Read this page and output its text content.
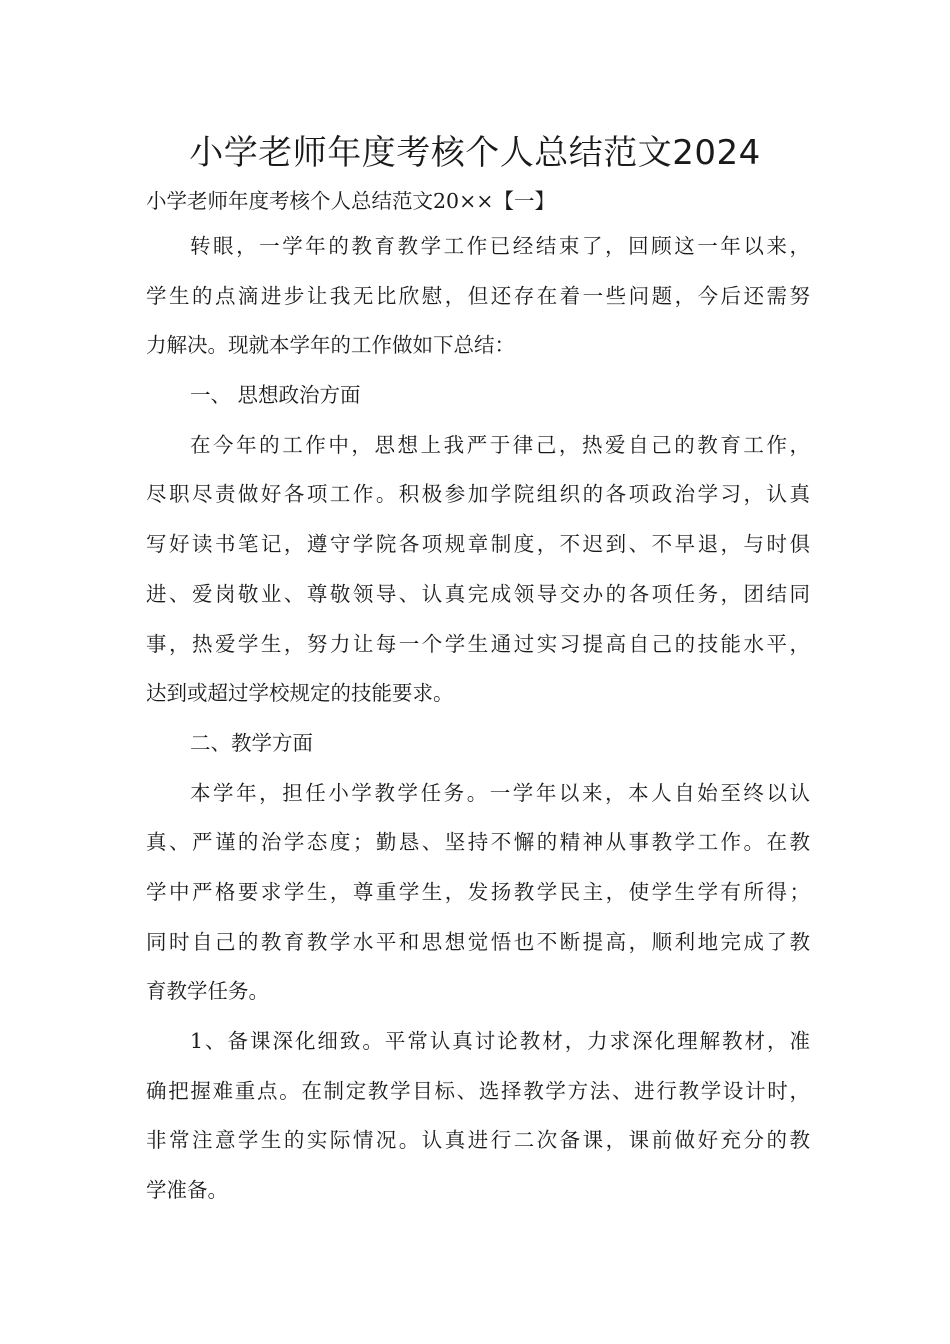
小学老师年度考核个人总结范文2024
小学老师年度考核个人总结范文20××【一】
转眼，一学年的教育教学工作已经结束了，回顾这一年以来，
学生的点滴进步让我无比欣慰，但还存在着一些问题，今后还需努
力解决。现就本学年的工作做如下总结：
一、 思想政治方面
在今年的工作中，思想上我严于律己，热爱自己的教育工作，
尽职尽责做好各项工作。积极参加学院组织的各项政治学习，认真
写好读书笔记，遵守学院各项规章制度，不迟到、不早退，与时俱
进、爱岗敬业、尊敬领导、认真完成领导交办的各项任务，团结同
事，热爱学生，努力让每一个学生通过实习提高自己的技能水平，
达到或超过学校规定的技能要求。
二、教学方面
本学年，担任小学教学任务。一学年以来，本人自始至终以认
真、严谨的治学态度；勤恳、坚持不懈的精神从事教学工作。在教
学中严格要求学生，尊重学生，发扬教学民主，使学生学有所得；
同时自己的教育教学水平和思想觉悟也不断提高，顺利地完成了教
育教学任务。
1、备课深化细致。平常认真讨论教材，力求深化理解教材，准
确把握难重点。在制定教学目标、选择教学方法、进行教学设计时，
非常注意学生的实际情况。认真进行二次备课，课前做好充分的教
学准备。
